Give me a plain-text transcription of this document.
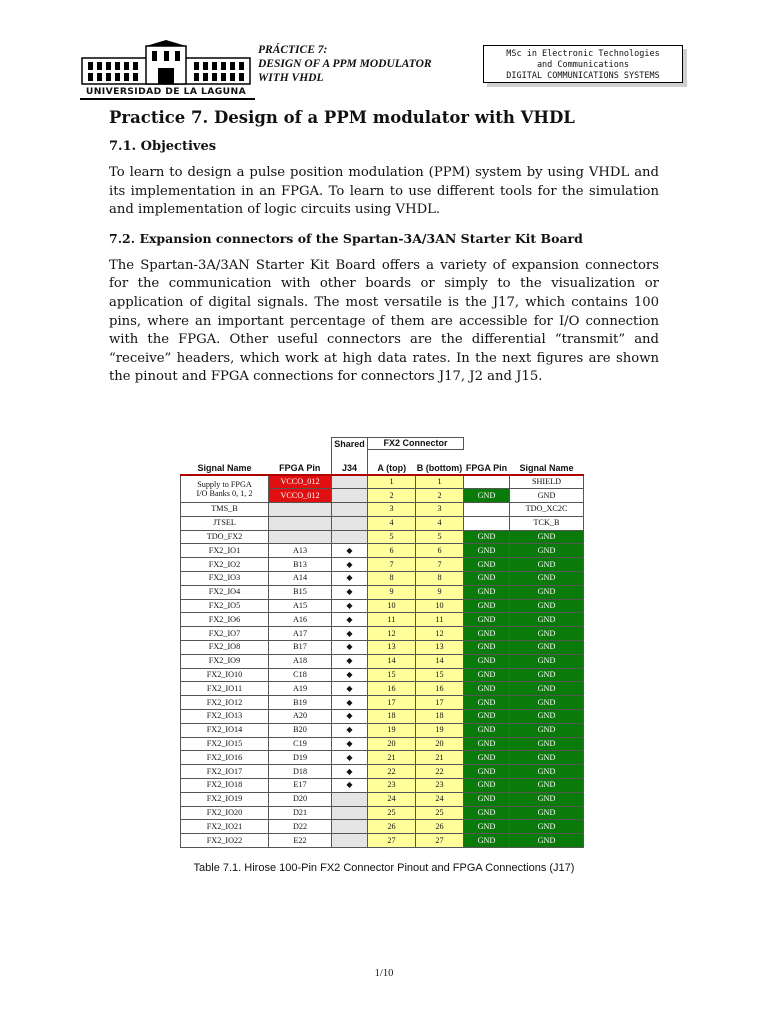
UNIVERSIDAD DE LA LAGUNA
PRÁCTICE 7:
DESIGN OF A PPM MODULATOR
WITH VHDL
MSc in Electronic Technologies
and Communications
DIGITAL COMMUNICATIONS SYSTEMS
Practice 7. Design of a PPM modulator with VHDL
7.1. Objectives

To learn to design a pulse position modulation (PPM) system by using VHDL and its implementation in an FPGA. To learn to use different tools for the simulation and implementation of logic circuits using VHDL.

7.2. Expansion connectors of the Spartan-3A/3AN Starter Kit Board

The Spartan-3A/3AN Starter Kit Board offers a variety of expansion connectors for the communication with other boards or simply to the visualization or application of digital signals. The most versatile is the J17, which contains 100 pins, where an important percentage of them are accessible for I/O connection with the FPGA. Other useful connectors are the differential “transmit” and “receive” headers, which work at high data rates. In the next figures are shown the pinout and FPGA connections for connectors J17, J2 and J15.

		Shared	FX2 Connector			
Signal Name	FPGA Pin	J34	A (top)	B (bottom)	FPGA Pin	Signal Name

Supply to FPGA
I/O Banks 0, 1, 2	VCCO_012		1	1		SHIELD
	VCCO_012		2	2	GND	GND
TMS_B			3	3		TDO_XC2C
JTSEL			4	4		TCK_B
TDO_FX2			5	5	GND	GND
FX2_IO1	A13	◆	6	6	GND	GND
FX2_IO2	B13	◆	7	7	GND	GND
FX2_IO3	A14	◆	8	8	GND	GND
FX2_IO4	B15	◆	9	9	GND	GND
FX2_IO5	A15	◆	10	10	GND	GND
FX2_IO6	A16	◆	11	11	GND	GND
FX2_IO7	A17	◆	12	12	GND	GND
FX2_IO8	B17	◆	13	13	GND	GND
FX2_IO9	A18	◆	14	14	GND	GND
FX2_IO10	C18	◆	15	15	GND	GND
FX2_IO11	A19	◆	16	16	GND	GND
FX2_IO12	B19	◆	17	17	GND	GND
FX2_IO13	A20	◆	18	18	GND	GND
FX2_IO14	B20	◆	19	19	GND	GND
FX2_IO15	C19	◆	20	20	GND	GND
FX2_IO16	D19	◆	21	21	GND	GND
FX2_IO17	D18	◆	22	22	GND	GND
FX2_IO18	E17	◆	23	23	GND	GND
FX2_IO19	D20		24	24	GND	GND
FX2_IO20	D21		25	25	GND	GND
FX2_IO21	D22		26	26	GND	GND
FX2_IO22	E22		27	27	GND	GND
Table 7.1. Hirose 100-Pin FX2 Connector Pinout and FPGA Connections (J17)
1/10
